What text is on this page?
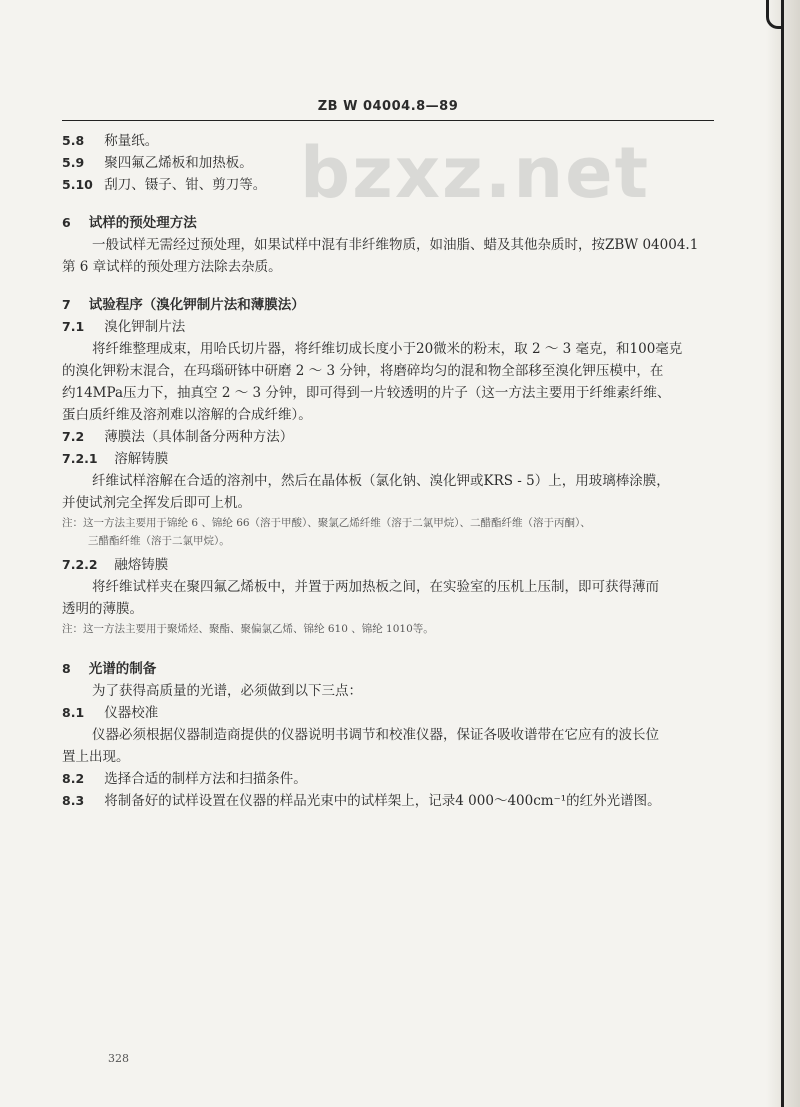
bzxz.net
$_{ZB W 04004.8—89}$

5.8 称量纸。

5.9 聚四氟乙烯板和加热板。

5.10 刮刀、镊子、钳、剪刀等。

6 试样的预处理方法

一般试样无需经过预处理，如果试样中混有非纤维物质，如油脂、蜡及其他杂质时，按ZBW 04004.1

第 6 章试样的预处理方法除去杂质。

7 试验程序（溴化钾制片法和薄膜法）

7.1 溴化钾制片法

将纤维整理成束，用哈氏切片器，将纤维切成长度小于20微米的粉末，取 2 ～ 3 毫克，和100毫克

的溴化钾粉末混合，在玛瑙研钵中研磨 2 ～ 3 分钟，将磨碎均匀的混和物全部移至溴化钾压模中，在

约14MPa压力下，抽真空 2 ～ 3 分钟，即可得到一片较透明的片子（这一方法主要用于纤维素纤维、

蛋白质纤维及溶剂难以溶解的合成纤维）。

7.2 薄膜法（具体制备分两种方法）

7.2.1 溶解铸膜

纤维试样溶解在合适的溶剂中，然后在晶体板（氯化钠、溴化钾或KRS - 5）上，用玻璃棒涂膜，

并使试剂完全挥发后即可上机。

注：这一方法主要用于锦纶 6 、锦纶 66（溶于甲酸）、聚氯乙烯纤维（溶于二氯甲烷）、二醋酯纤维（溶于丙酮）、

三醋酯纤维（溶于二氯甲烷）。

7.2.2 融熔铸膜

将纤维试样夹在聚四氟乙烯板中，并置于两加热板之间，在实验室的压机上压制，即可获得薄而

透明的薄膜。

注：这一方法主要用于聚烯烃、聚酯、聚偏氯乙烯、锦纶 610 、锦纶 1010等。

8 光谱的制备

为了获得高质量的光谱，必须做到以下三点：

8.1 仪器校准

仪器必须根据仪器制造商提供的仪器说明书调节和校准仪器，保证各吸收谱带在它应有的波长位

置上出现。

8.2 选择合适的制样方法和扫描条件。

8.3 将制备好的试样设置在仪器的样品光束中的试样架上，记录4 000～400cm⁻¹的红外光谱图。

328
